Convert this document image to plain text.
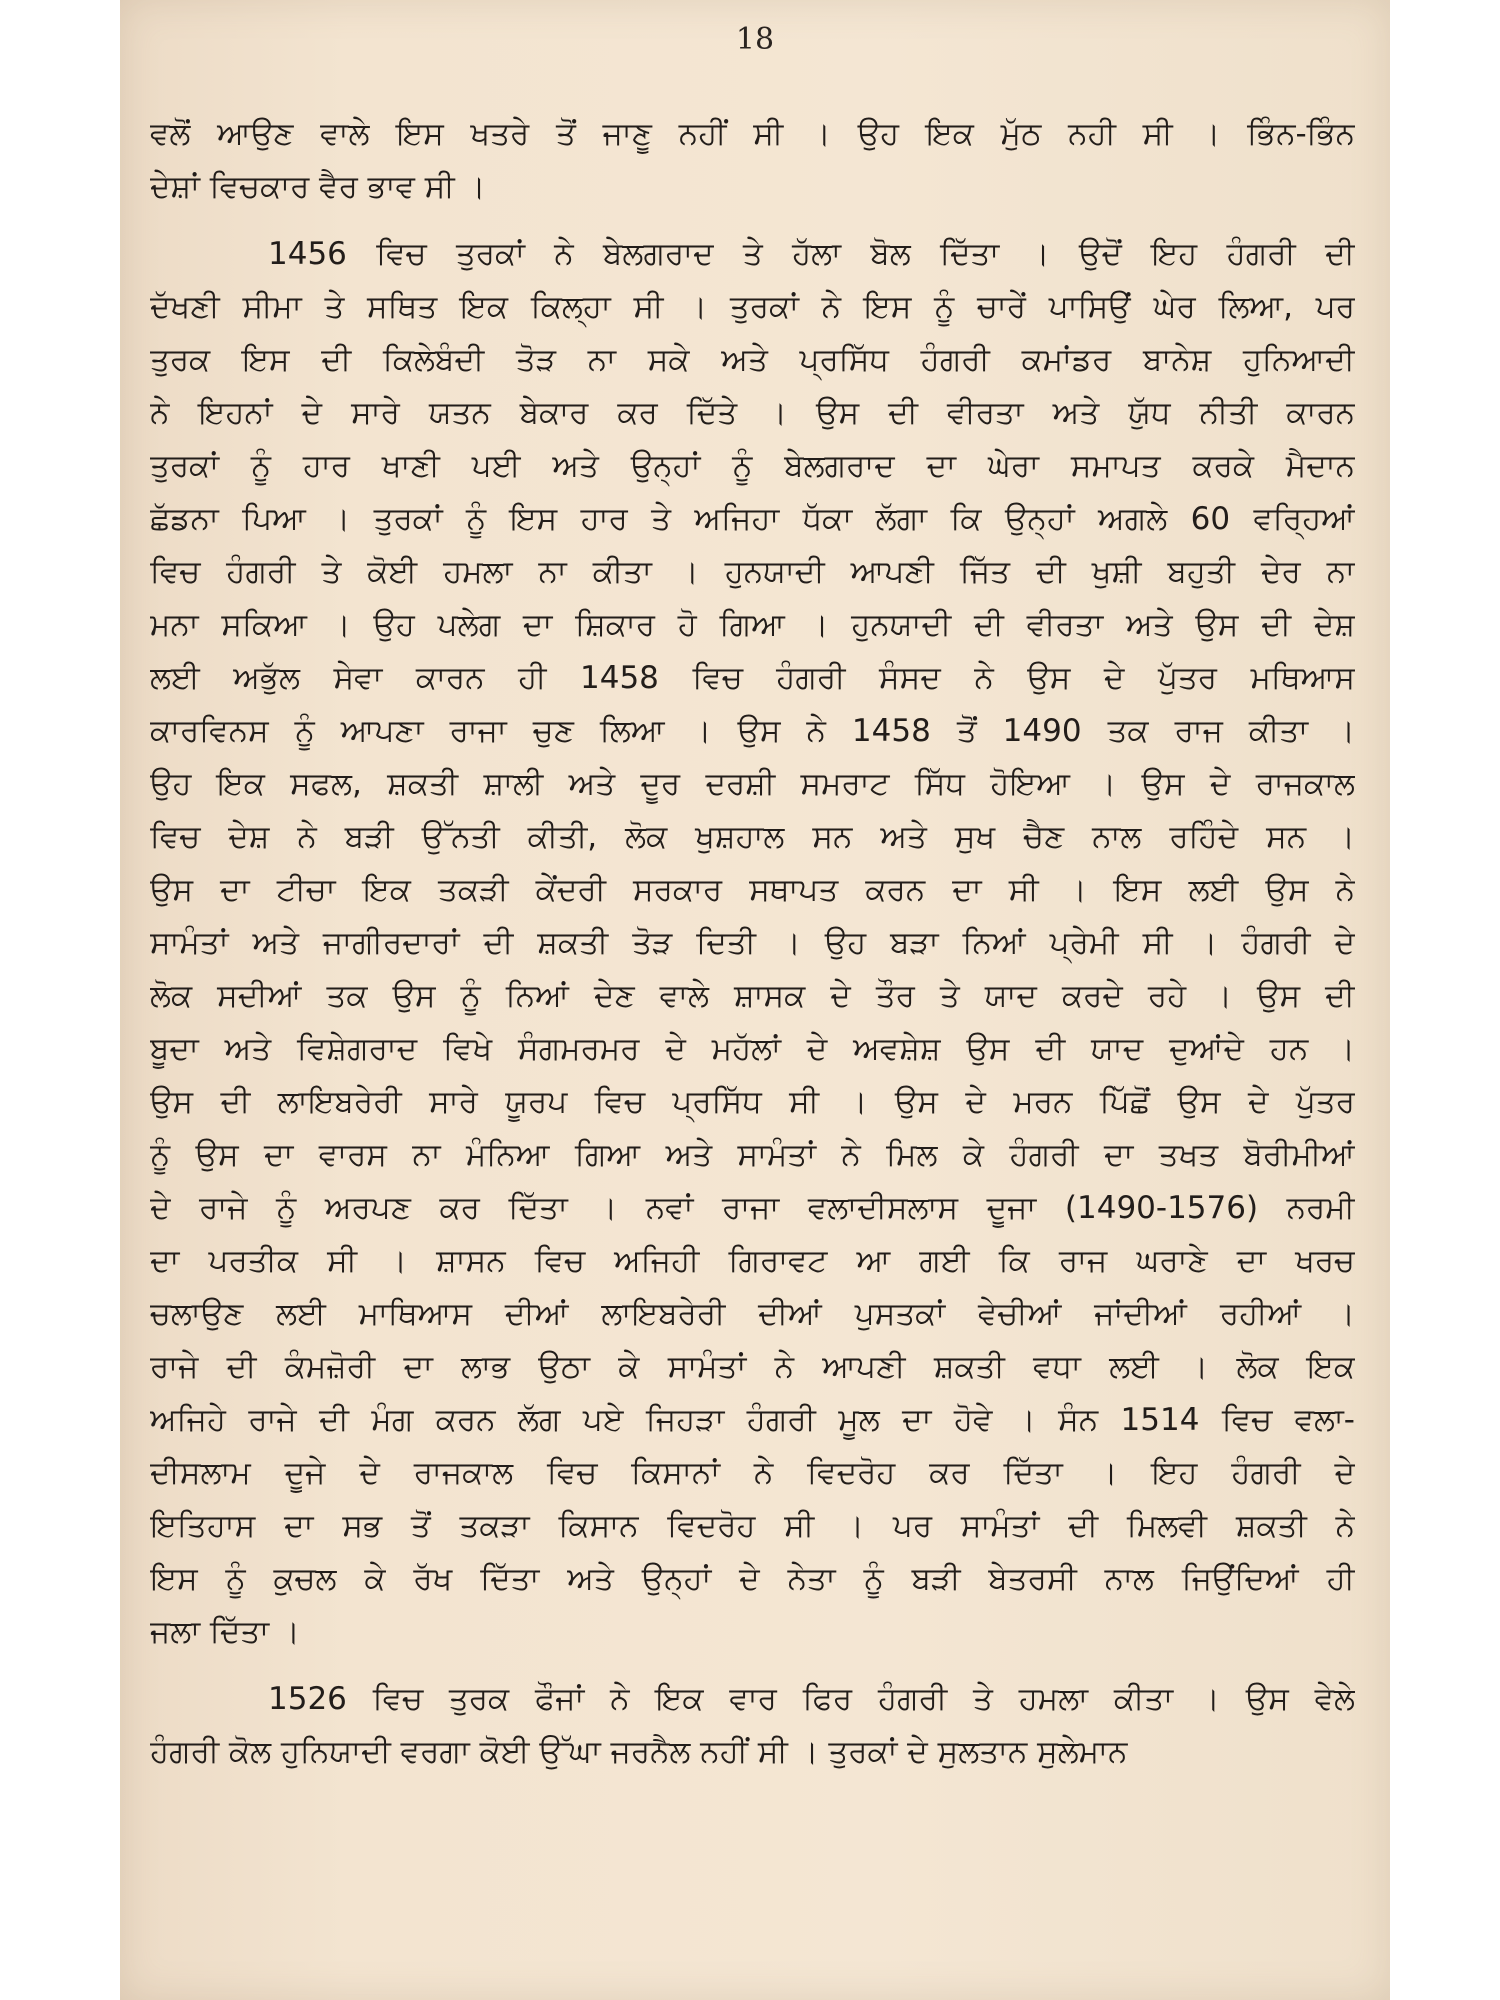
18
ਵਲੋਂ ਆਉਣ ਵਾਲੇ ਇਸ ਖਤਰੇ ਤੋਂ ਜਾਣੂ ਨਹੀਂ ਸੀ । ਉਹ ਇਕ ਮੁੱਠ ਨਹੀ ਸੀ । ਭਿੰਨ-ਭਿੰਨ
ਦੇਸ਼ਾਂ ਵਿਚਕਾਰ ਵੈਰ ਭਾਵ ਸੀ ।
1456 ਵਿਚ ਤੁਰਕਾਂ ਨੇ ਬੇਲਗਰਾਦ ਤੇ ਹੱਲਾ ਬੋਲ ਦਿੱਤਾ । ਉਦੋਂ ਇਹ ਹੰਗਰੀ ਦੀ
ਦੱਖਣੀ ਸੀਮਾ ਤੇ ਸਥਿਤ ਇਕ ਕਿਲ੍ਹਾ ਸੀ । ਤੁਰਕਾਂ ਨੇ ਇਸ ਨੂੰ ਚਾਰੇਂ ਪਾਸਿਉਂ ਘੇਰ ਲਿਆ, ਪਰ
ਤੁਰਕ ਇਸ ਦੀ ਕਿਲੇਬੰਦੀ ਤੋੜ ਨਾ ਸਕੇ ਅਤੇ ਪ੍ਰਸਿੱਧ ਹੰਗਰੀ ਕਮਾਂਡਰ ਬਾਨੇਸ਼ ਹੁਨਿਆਦੀ
ਨੇ ਇਹਨਾਂ ਦੇ ਸਾਰੇ ਯਤਨ ਬੇਕਾਰ ਕਰ ਦਿੱਤੇ । ਉਸ ਦੀ ਵੀਰਤਾ ਅਤੇ ਯੁੱਧ ਨੀਤੀ ਕਾਰਨ
ਤੁਰਕਾਂ ਨੂੰ ਹਾਰ ਖਾਣੀ ਪਈ ਅਤੇ ਉਨ੍ਹਾਂ ਨੂੰ ਬੇਲਗਰਾਦ ਦਾ ਘੇਰਾ ਸਮਾਪਤ ਕਰਕੇ ਮੈਦਾਨ
ਛੱਡਨਾ ਪਿਆ । ਤੁਰਕਾਂ ਨੂੰ ਇਸ ਹਾਰ ਤੇ ਅਜਿਹਾ ਧੱਕਾ ਲੱਗਾ ਕਿ ਉਨ੍ਹਾਂ ਅਗਲੇ 60 ਵਰ੍ਹਿਆਂ
ਵਿਚ ਹੰਗਰੀ ਤੇ ਕੋਈ ਹਮਲਾ ਨਾ ਕੀਤਾ । ਹੁਨਯਾਦੀ ਆਪਣੀ ਜਿੱਤ ਦੀ ਖੁਸ਼ੀ ਬਹੁਤੀ ਦੇਰ ਨਾ
ਮਨਾ ਸਕਿਆ । ਉਹ ਪਲੇਗ ਦਾ ਸ਼ਿਕਾਰ ਹੋ ਗਿਆ । ਹੁਨਯਾਦੀ ਦੀ ਵੀਰਤਾ ਅਤੇ ਉਸ ਦੀ ਦੇਸ਼
ਲਈ ਅਭੁੱਲ ਸੇਵਾ ਕਾਰਨ ਹੀ 1458 ਵਿਚ ਹੰਗਰੀ ਸੰਸਦ ਨੇ ਉਸ ਦੇ ਪੁੱਤਰ ਮਥਿਆਸ
ਕਾਰਵਿਨਸ ਨੂੰ ਆਪਣਾ ਰਾਜਾ ਚੁਣ ਲਿਆ । ਉਸ ਨੇ 1458 ਤੋਂ 1490 ਤਕ ਰਾਜ ਕੀਤਾ ।
ਉਹ ਇਕ ਸਫਲ, ਸ਼ਕਤੀ ਸ਼ਾਲੀ ਅਤੇ ਦੂਰ ਦਰਸ਼ੀ ਸਮਰਾਟ ਸਿੱਧ ਹੋਇਆ । ਉਸ ਦੇ ਰਾਜਕਾਲ
ਵਿਚ ਦੇਸ਼ ਨੇ ਬੜੀ ਉੱਨਤੀ ਕੀਤੀ, ਲੋਕ ਖੁਸ਼ਹਾਲ ਸਨ ਅਤੇ ਸੁਖ ਚੈਣ ਨਾਲ ਰਹਿੰਦੇ ਸਨ ।
ਉਸ ਦਾ ਟੀਚਾ ਇਕ ਤਕੜੀ ਕੇਂਦਰੀ ਸਰਕਾਰ ਸਥਾਪਤ ਕਰਨ ਦਾ ਸੀ । ਇਸ ਲਈ ਉਸ ਨੇ
ਸਾਮੰਤਾਂ ਅਤੇ ਜਾਗੀਰਦਾਰਾਂ ਦੀ ਸ਼ਕਤੀ ਤੋੜ ਦਿਤੀ । ਉਹ ਬੜਾ ਨਿਆਂ ਪ੍ਰੇਮੀ ਸੀ । ਹੰਗਰੀ ਦੇ
ਲੋਕ ਸਦੀਆਂ ਤਕ ਉਸ ਨੂੰ ਨਿਆਂ ਦੇਣ ਵਾਲੇ ਸ਼ਾਸਕ ਦੇ ਤੌਰ ਤੇ ਯਾਦ ਕਰਦੇ ਰਹੇ । ਉਸ ਦੀ
ਬੂਦਾ ਅਤੇ ਵਿਸ਼ੇਗਰਾਦ ਵਿਖੇ ਸੰਗਮਰਮਰ ਦੇ ਮਹੱਲਾਂ ਦੇ ਅਵਸ਼ੇਸ਼ ਉਸ ਦੀ ਯਾਦ ਦੁਆਂਦੇ ਹਨ ।
ਉਸ ਦੀ ਲਾਇਬਰੇਰੀ ਸਾਰੇ ਯੂਰਪ ਵਿਚ ਪ੍ਰਸਿੱਧ ਸੀ । ਉਸ ਦੇ ਮਰਨ ਪਿੱਛੋਂ ਉਸ ਦੇ ਪੁੱਤਰ
ਨੂੰ ਉਸ ਦਾ ਵਾਰਸ ਨਾ ਮੰਨਿਆ ਗਿਆ ਅਤੇ ਸਾਮੰਤਾਂ ਨੇ ਮਿਲ ਕੇ ਹੰਗਰੀ ਦਾ ਤਖਤ ਬੋਰੀਮੀਆਂ
ਦੇ ਰਾਜੇ ਨੂੰ ਅਰਪਣ ਕਰ ਦਿੱਤਾ । ਨਵਾਂ ਰਾਜਾ ਵਲਾਦੀਸਲਾਸ ਦੂਜਾ (1490-1576) ਨਰਮੀ
ਦਾ ਪਰਤੀਕ ਸੀ । ਸ਼ਾਸਨ ਵਿਚ ਅਜਿਹੀ ਗਿਰਾਵਟ ਆ ਗਈ ਕਿ ਰਾਜ ਘਰਾਣੇ ਦਾ ਖਰਚ
ਚਲਾਉਣ ਲਈ ਮਾਥਿਆਸ ਦੀਆਂ ਲਾਇਬਰੇਰੀ ਦੀਆਂ ਪੁਸਤਕਾਂ ਵੇਚੀਆਂ ਜਾਂਦੀਆਂ ਰਹੀਆਂ ।
ਰਾਜੇ ਦੀ ਕੰਮਜ਼ੋਰੀ ਦਾ ਲਾਭ ਉਠਾ ਕੇ ਸਾਮੰਤਾਂ ਨੇ ਆਪਣੀ ਸ਼ਕਤੀ ਵਧਾ ਲਈ । ਲੋਕ ਇਕ
ਅਜਿਹੇ ਰਾਜੇ ਦੀ ਮੰਗ ਕਰਨ ਲੱਗ ਪਏ ਜਿਹੜਾ ਹੰਗਰੀ ਮੂਲ ਦਾ ਹੋਵੇ । ਸੰਨ 1514 ਵਿਚ ਵਲਾ-
ਦੀਸਲਾਮ ਦੂਜੇ ਦੇ ਰਾਜਕਾਲ ਵਿਚ ਕਿਸਾਨਾਂ ਨੇ ਵਿਦਰੋਹ ਕਰ ਦਿੱਤਾ । ਇਹ ਹੰਗਰੀ ਦੇ
ਇਤਿਹਾਸ ਦਾ ਸਭ ਤੋਂ ਤਕੜਾ ਕਿਸਾਨ ਵਿਦਰੋਹ ਸੀ । ਪਰ ਸਾਮੰਤਾਂ ਦੀ ਮਿਲਵੀ ਸ਼ਕਤੀ ਨੇ
ਇਸ ਨੂੰ ਕੁਚਲ ਕੇ ਰੱਖ ਦਿੱਤਾ ਅਤੇ ਉਨ੍ਹਾਂ ਦੇ ਨੇਤਾ ਨੂੰ ਬੜੀ ਬੇਤਰਸੀ ਨਾਲ ਜਿਉਂਦਿਆਂ ਹੀ
ਜਲਾ ਦਿੱਤਾ ।
1526 ਵਿਚ ਤੁਰਕ ਫੌਜਾਂ ਨੇ ਇਕ ਵਾਰ ਫਿਰ ਹੰਗਰੀ ਤੇ ਹਮਲਾ ਕੀਤਾ । ਉਸ ਵੇਲੇ
ਹੰਗਰੀ ਕੋਲ ਹੁਨਿਯਾਦੀ ਵਰਗਾ ਕੋਈ ਉੱਘਾ ਜਰਨੈਲ ਨਹੀਂ ਸੀ । ਤੁਰਕਾਂ ਦੇ ਸੁਲਤਾਨ ਸੁਲੇਮਾਨ
